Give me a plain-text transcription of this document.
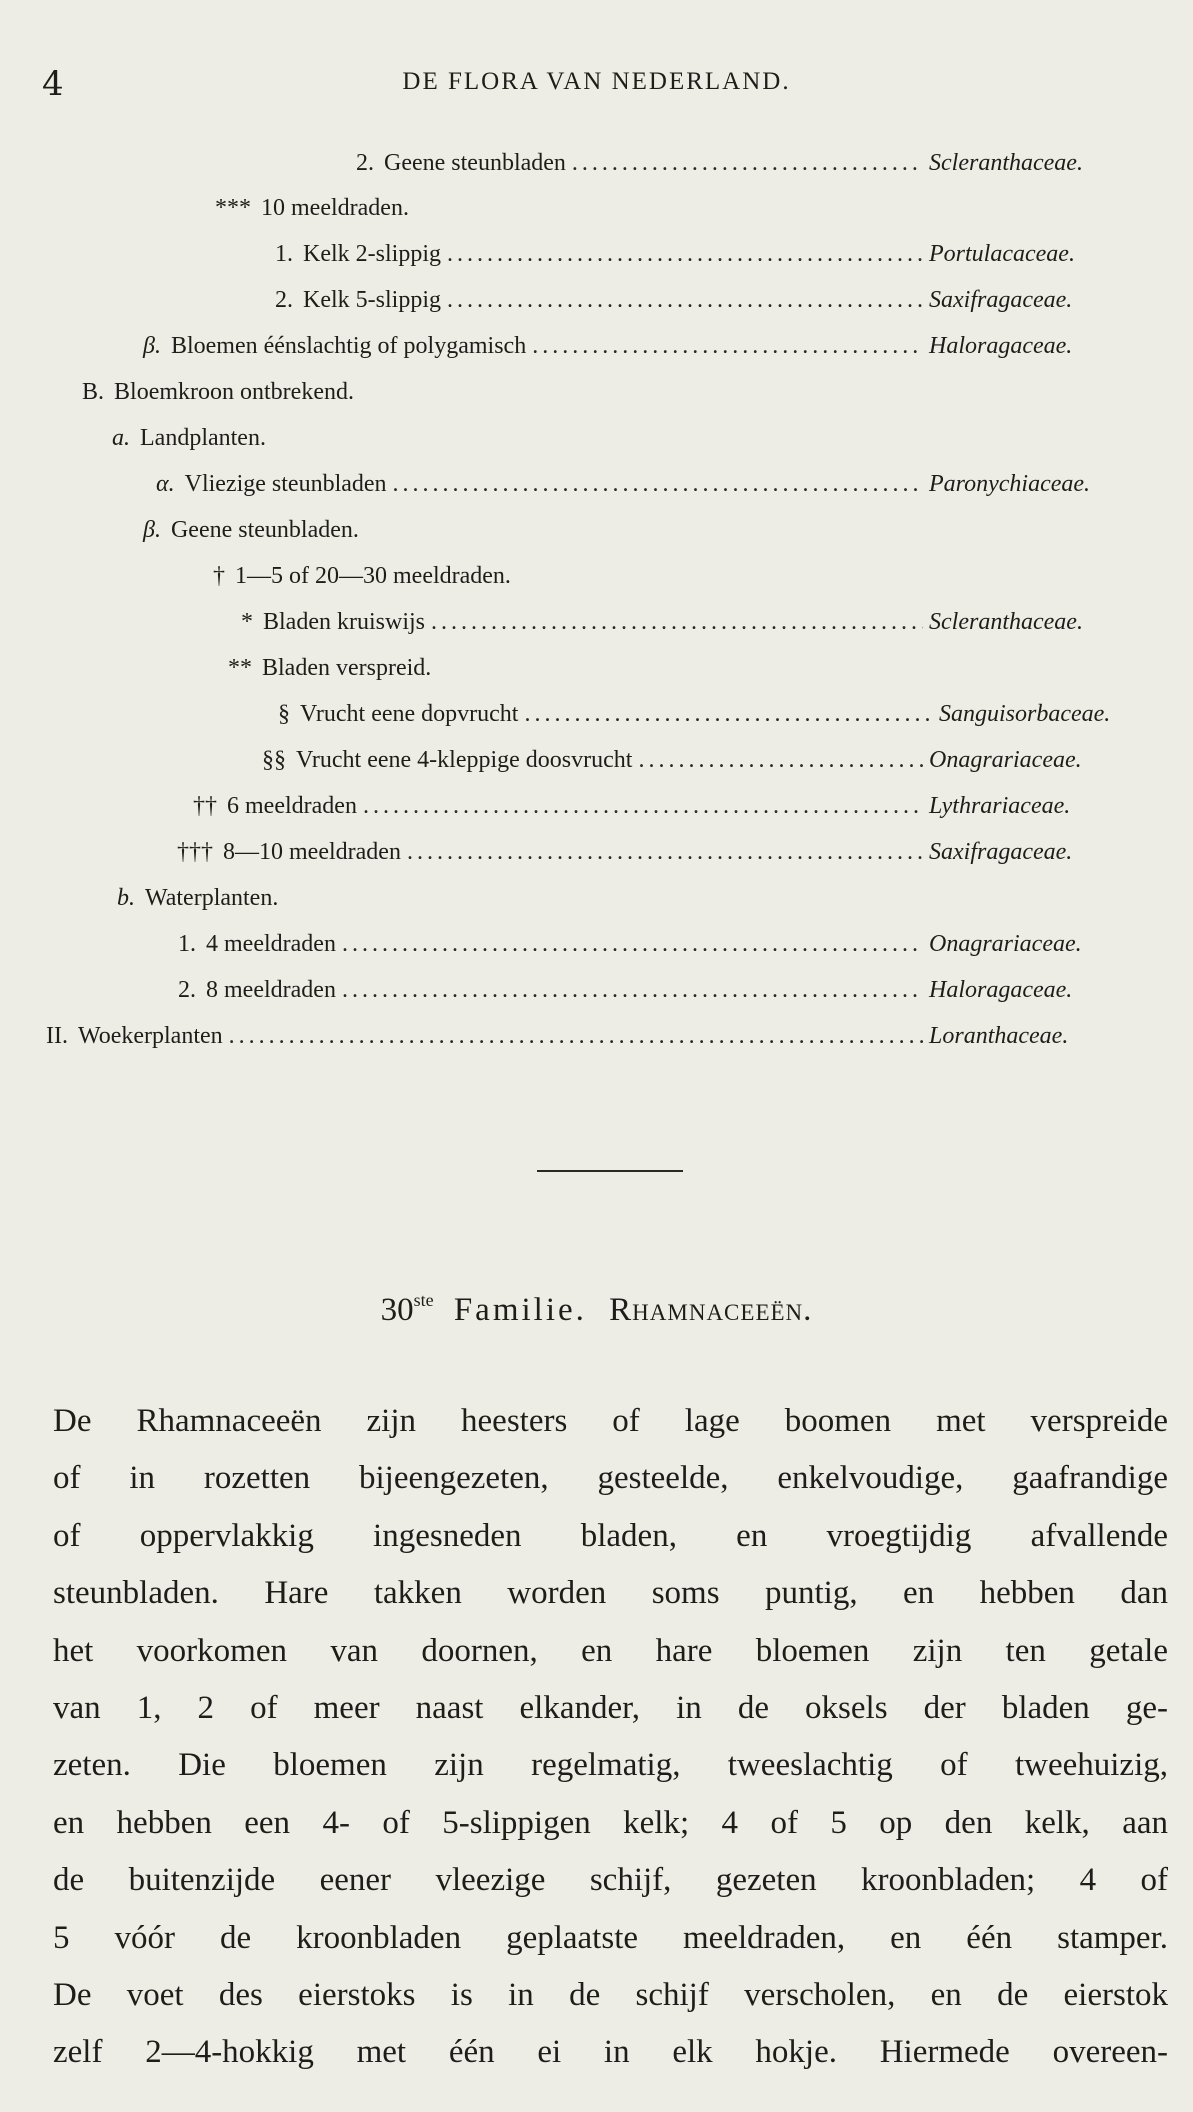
4	DE FLORA VAN NEDERLAND.
2. Geene steunbladen . . .	Scleranthaceae.
*** 10 meeldraden.
1. Kelk 2-slippig . . .	Portulacaceae.
2. Kelk 5-slippig . . .	Saxifragaceae.
β. Bloemen éénslachtig of polygamisch . . .	Haloragaceae.
B. Bloemkroon ontbrekend.
a. Landplanten.
α. Vliezige steunbladen . . .	Paronychiaceae.
β. Geene steunbladen.
† 1—5 of 20—30 meeldraden.
* Bladen kruiswijs . . .	Scleranthaceae.
** Bladen verspreid.
§ Vrucht eene dopvrucht . . .	Sanguisorbaceae.
§§ Vrucht eene 4-kleppige doosvrucht . . .	Onagrariaceae.
†† 6 meeldraden . . .	Lythrariaceae.
††† 8—10 meeldraden . . .	Saxifragaceae.
b. Waterplanten.
1. 4 meeldraden . . .	Onagrariaceae.
2. 8 meeldraden . . .	Haloragaceae.
II. Woekerplanten . . .	Loranthaceae.
30ste Familie. Rhamnaceeën.
De Rhamnaceeën zijn heesters of lage boomen met verspreide
of in rozetten bijeengezeten, gesteelde, enkelvoudige, gaafrandige
of oppervlakkig ingesneden bladen, en vroegtijdig afvallende
steunbladen. Hare takken worden soms puntig, en hebben dan
het voorkomen van doornen, en hare bloemen zijn ten getale
van 1, 2 of meer naast elkander, in de oksels der bladen ge-
zeten. Die bloemen zijn regelmatig, tweeslachtig of tweehuizig,
en hebben een 4- of 5-slippigen kelk; 4 of 5 op den kelk, aan
de buitenzijde eener vleezige schijf, gezeten kroonbladen; 4 of
5 vóór de kroonbladen geplaatste meeldraden, en één stamper.
De voet des eierstoks is in de schijf verscholen, en de eierstok
zelf 2—4-hokkig met één ei in elk hokje. Hiermede overeen-
